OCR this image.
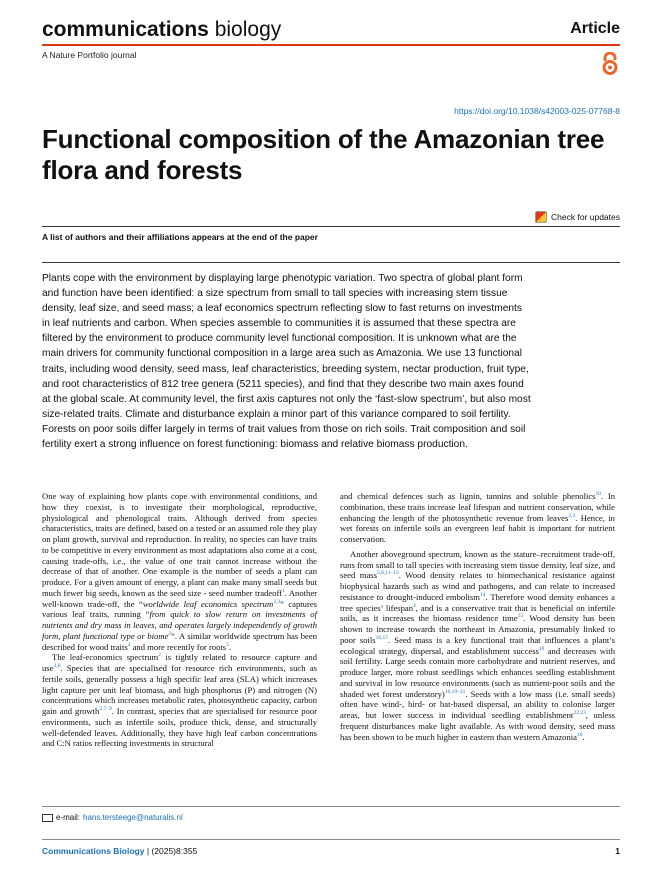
communications biology	Article
A Nature Portfolio journal
https://doi.org/10.1038/s42003-025-07768-8
Functional composition of the Amazonian tree flora and forests
Check for updates
A list of authors and their affiliations appears at the end of the paper

Plants cope with the environment by displaying large phenotypic variation. Two spectra of global plant form and function have been identified: a size spectrum from small to tall species with increasing stem tissue density, leaf size, and seed mass; a leaf economics spectrum reflecting slow to fast returns on investments in leaf nutrients and carbon. When species assemble to communities it is assumed that these spectra are filtered by the environment to produce community level functional composition. It is unknown what are the main drivers for community functional composition in a large area such as Amazonia. We use 13 functional traits, including wood density, seed mass, leaf characteristics, breeding system, nectar production, fruit type, and root characteristics of 812 tree genera (5211 species), and find that they describe two main axes found at the global scale. At community level, the first axis captures not only the ‘fast-slow spectrum’, but also most size-related traits. Climate and disturbance explain a minor part of this variance compared to soil fertility. Forests on poor soils differ largely in terms of trait values from those on rich soils. Trait composition and soil fertility exert a strong influence on forest functioning: biomass and relative biomass production.

One way of explaining how plants cope with environmental conditions, and how they coexist, is to investigate their morphological, reproductive, physiological and phenological traits. Although derived from species characteristics, traits are defined, based on a tested or an assumed role they play on plant growth, survival and reproduction. In reality, no species can have traits to be competitive in every environment as most adaptations also come at a cost, causing trade-offs, i.e., the value of one trait cannot increase without the decrease of that of another. One example is the number of seeds a plant can produce. For a given amount of energy, a plant can make many small seeds but much fewer big seeds, known as the seed size - seed number tradeoff$^1$. Another well-known trade-off, the “worldwide leaf economics spectrum$^{2,3}$” captures various leaf traits, running “from quick to slow return on investments of nutrients and dry mass in leaves, and operates largely independently of growth form, plant functional type or biome$^2$”. A similar worldwide spectrum has been described for wood traits$^4$ and more recently for roots$^5$.

The leaf-economics spectrum$^2$ is tightly related to resource capture and use$^{3,6}$. Species that are specialised for resource rich environments, such as fertile soils, generally possess a high specific leaf area (SLA) which increases light capture per unit leaf biomass, and high phosphorus (P) and nitrogen (N) concentrations which increases metabolic rates, photosynthetic capacity, carbon gain and growth$^{2,7-9}$. In contrast, species that are specialised for resource poor environments, such as infertile soils, produce thick, dense, and structurally well-defended leaves. Additionally, they have high leaf carbon concentrations and C:N ratios reflecting investments in structural

and chemical defences such as lignin, tannins and soluble phenolics$^{10}$. In combination, these traits increase leaf lifespan and nutrient conservation, while enhancing the length of the photosynthetic revenue from leaves$^{2,3}$. Hence, in wet forests on infertile soils an evergreen leaf habit is important for nutrient conservation.

Another aboveground spectrum, known as the stature–recruitment trade-off, runs from small to tall species with increasing stem tissue density, leaf size, and seed mass$^{5,6,11-13}$. Wood density relates to biomechanical resistance against biophysical hazards such as wind and pathogens, and can relate to increased resistance to drought-induced embolism$^{14}$. Therefore wood density enhances a tree species’ lifespan$^4$, and is a conservative trait that is beneficial on infertile soils, as it increases the biomass residence time$^{15}$. Wood density has been shown to increase towards the northeast in Amazonia, presumably linked to poor soils$^{16,17}$. Seed mass is a key functional trait that influences a plant’s ecological strategy, dispersal, and establishment success$^{18}$ and decreases with soil fertility. Large seeds contain more carbohydrate and nutrient reserves, and produce larger, more robust seedlings which enhances seedling establishment and survival in low resource environments (such as nutrient-poor soils and the shaded wet forest understory)$^{16,19-21}$. Seeds with a low mass (i.e. small seeds) often have wind-, bird- or bat-based dispersal, an ability to colonise larger areas, but lower success in individual seedling establishment$^{22,23}$, unless frequent disturbances make light available. As with wood density, seed mass has been shown to be much higher in eastern than western Amazonia$^{16}$.

e-mail: hans.tersteege@naturalis.nl
Communications Biology | (2025)8:355	1
